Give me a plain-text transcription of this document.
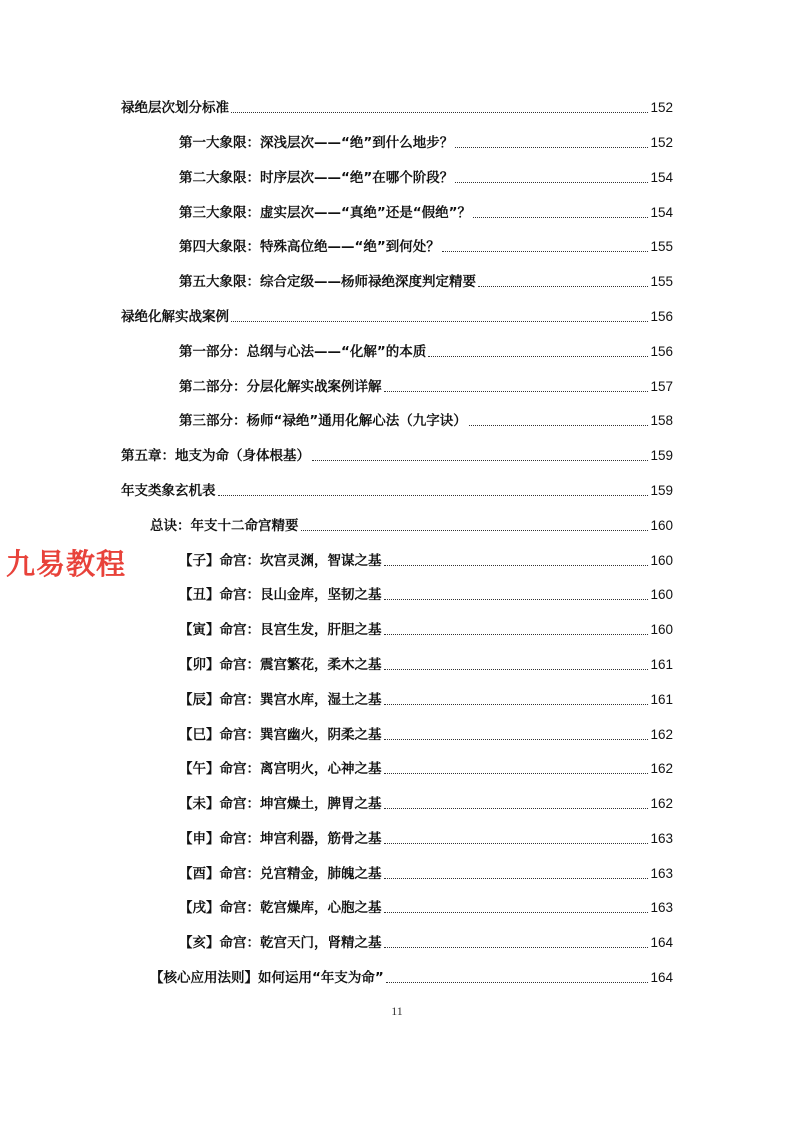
禄绝层次划分标准	152
第一大象限：深浅层次——“绝”到什么地步？	152
第二大象限：时序层次——“绝”在哪个阶段？	154
第三大象限：虚实层次——“真绝”还是“假绝”？	154
第四大象限：特殊高位绝——“绝”到何处？	155
第五大象限：综合定级——杨师禄绝深度判定精要	155
禄绝化解实战案例	156
第一部分：总纲与心法——“化解”的本质	156
第二部分：分层化解实战案例详解	157
第三部分：杨师“禄绝”通用化解心法（九字诀）	158
第五章：地支为命（身体根基）	159
年支类象玄机表	159
总诀：年支十二命宫精要	160
【子】命宫：坎宫灵渊，智谋之基	160
【丑】命宫：艮山金库，坚韧之基	160
【寅】命宫：艮宫生发，肝胆之基	160
【卯】命宫：震宫繁花，柔木之基	161
【辰】命宫：巽宫水库，湿土之基	161
【巳】命宫：巽宫幽火，阴柔之基	162
【午】命宫：离宫明火，心神之基	162
【未】命宫：坤宫燥土，脾胃之基	162
【申】命宫：坤宫利器，筋骨之基	163
【酉】命宫：兑宫精金，肺魄之基	163
【戌】命宫：乾宫燥库，心胞之基	163
【亥】命宫：乾宫天门，肾精之基	164
【核心应用法则】如何运用“年支为命”	164
九易教程
11
